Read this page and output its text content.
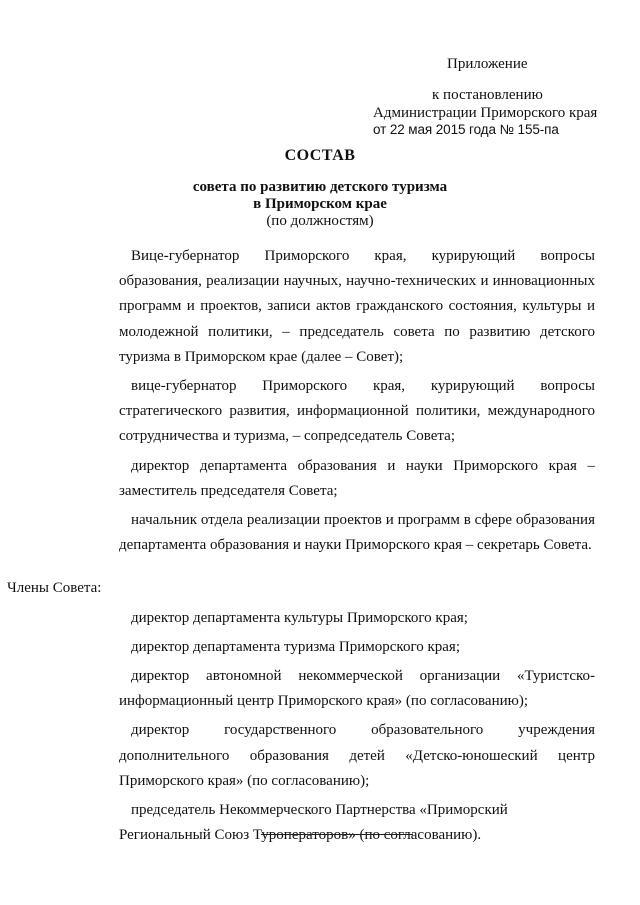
Приложение
к постановлению
Администрации Приморского края
от 22 мая 2015 года № 155-па
СОСТАВ
совета по развитию детского туризма
в Приморском крае
(по должностям)

Вице-губернатор Приморского края, курирующий вопросы образования, реализации научных, научно-технических и инновационных программ и проектов, записи актов гражданского состояния, культуры и молодежной политики, – председатель совета по развитию детского туризма в Приморском крае (далее – Совет);

вице-губернатор Приморского края, курирующий вопросы стратегического развития, информационной политики, международного сотрудничества и туризма, – сопредседатель Совета;

директор департамента образования и науки Приморского края – заместитель председателя Совета;

начальник отдела реализации проектов и программ в сфере образования департамента образования и науки Приморского края – секретарь Совета.

Члены Совета:

директор департамента культуры Приморского края;

директор департамента туризма Приморского края;

директор автономной некоммерческой организации «Туристско-информационный центр Приморского края» (по согласованию);

директор государственного образовательного учреждения дополнительного образования детей «Детско-юношеский центр Приморского края» (по согласованию);

председатель Некоммерческого Партнерства «Приморский Региональный Союз Туроператоров» (по согласованию).
